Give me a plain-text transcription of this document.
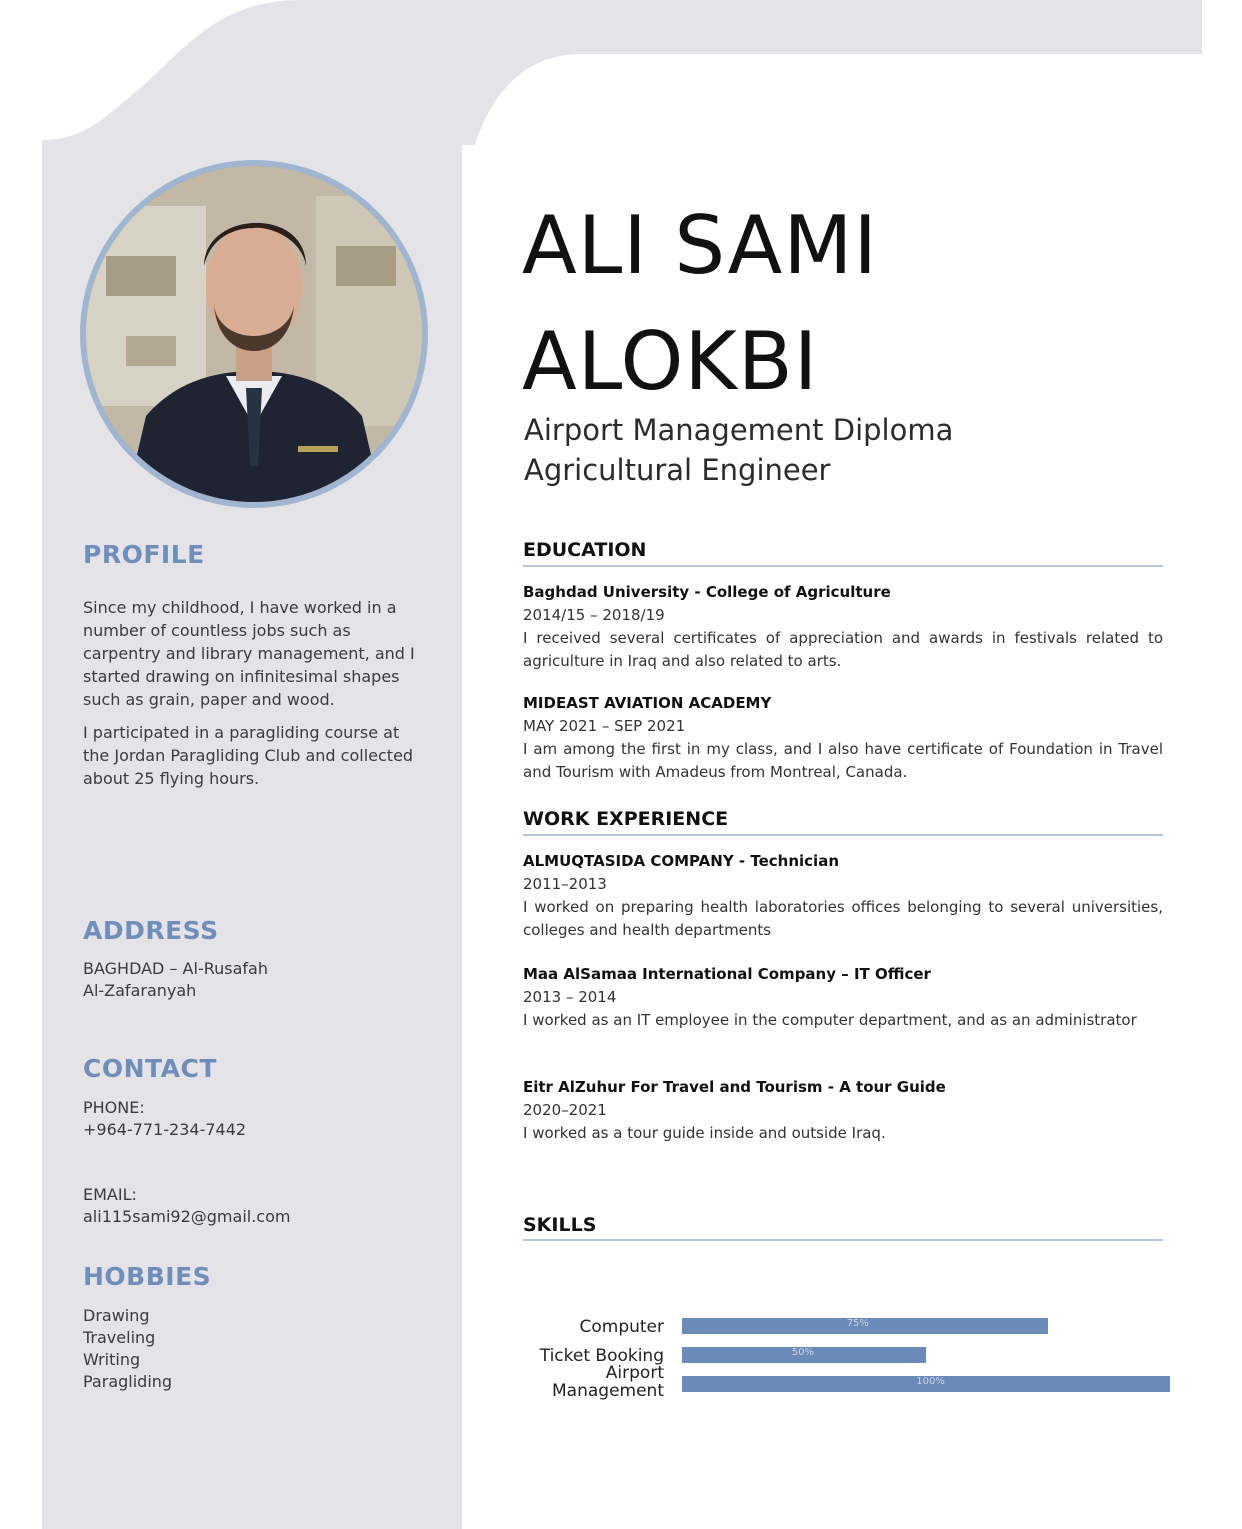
PROFILE

Since my childhood, I have worked in a number of countless jobs such as carpentry and library management, and I started drawing on infinitesimal shapes such as grain, paper and wood.

I participated in a paragliding course at the Jordan Paragliding Club and collected about 25 flying hours.

ADDRESS
BAGHDAD – Al-Rusafah
Al-Zafaranyah
CONTACT
PHONE:
+964-771-234-7442
EMAIL:
ali115sami92@gmail.com
HOBBIES
Drawing
Traveling
Writing
Paragliding
ALI SAMI
ALOKBI
Airport Management Diploma
Agricultural Engineer
EDUCATION
Baghdad University - College of Agriculture
2014/15 – 2018/19
I received several certificates of appreciation and awards in festivals related to agriculture in Iraq and also related to arts.
MIDEAST AVIATION ACADEMY
MAY 2021 – SEP 2021
I am among the first in my class, and I also have certificate of Foundation in Travel and Tourism with Amadeus from Montreal, Canada.
WORK EXPERIENCE
ALMUQTASIDA COMPANY - Technician
2011–2013
I worked on preparing health laboratories offices belonging to several universities, colleges and health departments
Maa AlSamaa International Company – IT Officer
2013 – 2014
I worked as an IT employee in the computer department, and as an administrator
Eitr AlZuhur For Travel and Tourism - A tour Guide
2020–2021
I worked as a tour guide inside and outside Iraq.
SKILLS
Computer	75%
Ticket Booking	50%
Airport Management	100%
